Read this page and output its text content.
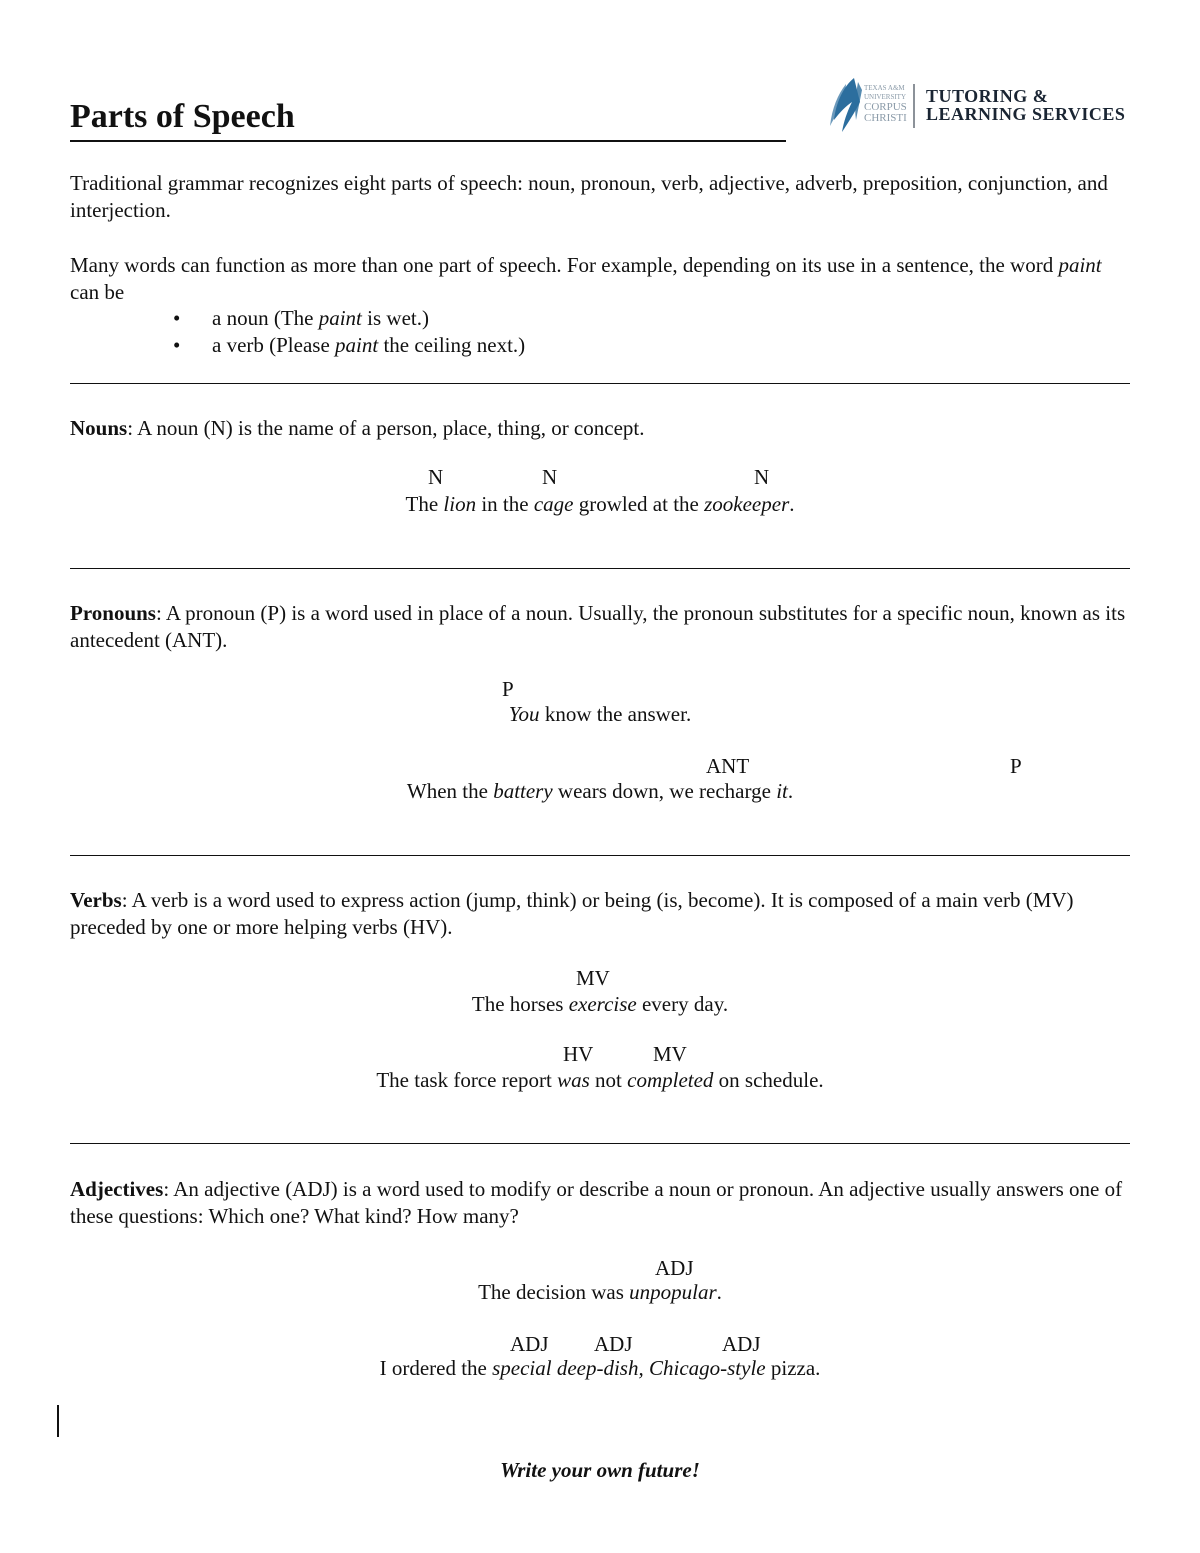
Parts of Speech
TEXAS A&M
UNIVERSITY
CORPUS
CHRISTI
TUTORING &
LEARNING SERVICES
Traditional grammar recognizes eight parts of speech: noun, pronoun, verb, adjective, adverb, preposition, conjunction, and interjection.
Many words can function as more than one part of speech. For example, depending on its use in a sentence, the word paint can be
• a noun (The paint is wet.)
• a verb (Please paint the ceiling next.)
Nouns: A noun (N) is the name of a person, place, thing, or concept.
N	N	N
The lion in the cage growled at the zookeeper.
Pronouns: A pronoun (P) is a word used in place of a noun. Usually, the pronoun substitutes for a specific noun, known as its antecedent (ANT).
P
You know the answer.
ANT	P
When the battery wears down, we recharge it.
Verbs: A verb is a word used to express action (jump, think) or being (is, become). It is composed of a main verb (MV) preceded by one or more helping verbs (HV).
MV
The horses exercise every day.
HV	MV
The task force report was not completed on schedule.
Adjectives: An adjective (ADJ) is a word used to modify or describe a noun or pronoun. An adjective usually answers one of these questions: Which one? What kind? How many?
ADJ
The decision was unpopular.
ADJ ADJ	ADJ
I ordered the special deep-dish, Chicago-style pizza.
Write your own future!
